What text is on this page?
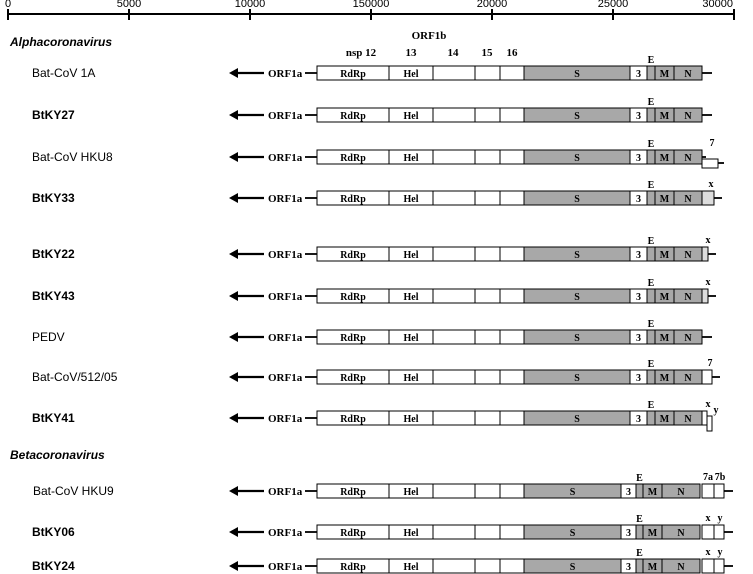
0	5000	10000	150000	20000	25000	30000
Alphacoronavirus
Betacoronavirus
ORF1b
nsp 12	13	14 15 16
Bat-CoV 1A	ORF1a	RdRp	Hel	S	3 M N
E
BtKY27	ORF1a	RdRp	Hel	S	3 M N
E
Bat-CoV HKU8	ORF1a	RdRp	Hel	S	3 M N
E	7
BtKY33	ORF1a	RdRp	Hel	S	3 M N
E	x
BtKY22	ORF1a	RdRp	Hel	S	3 M N
E	x
BtKY43	ORF1a	RdRp	Hel	S	3 M N
E	x
PEDV	ORF1a	RdRp	Hel	S	3 M N
E
Bat-CoV/512/05	ORF1a	RdRp	Hel	S	3 M N
E	7
BtKY41	ORF1a	RdRp	Hel	S	3 M N
E	x
y
Bat-CoV HKU9	ORF1a	RdRp	Hel	S	3 M N
E	7a 7b
BtKY06	ORF1a	RdRp	Hel	S	3 M N
E	x y
BtKY24	ORF1a	RdRp	Hel	S	3 M N
E	x y
